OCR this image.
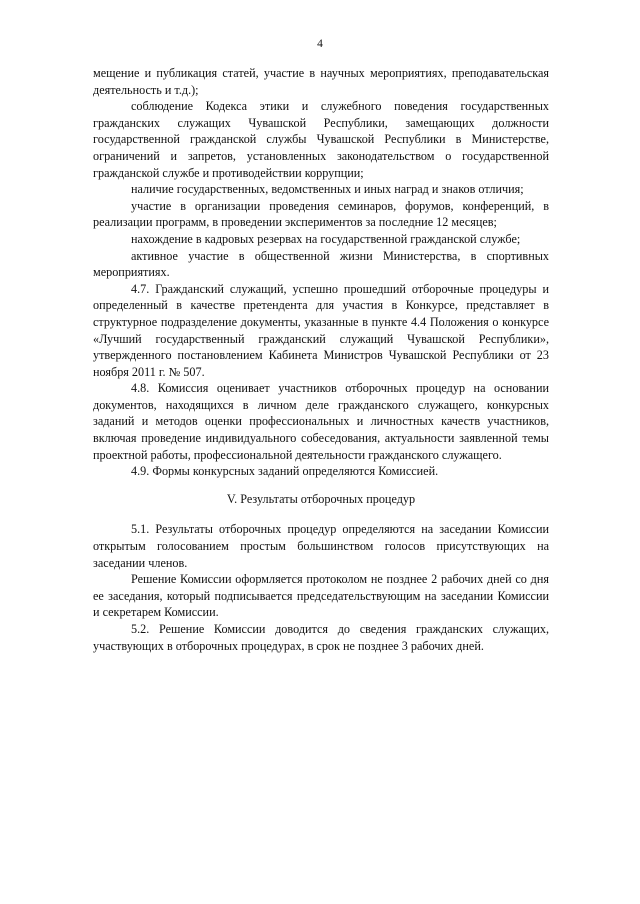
4

мещение и публикация статей, участие в научных мероприятиях, преподавательская деятельность и т.д.);

соблюдение Кодекса этики и служебного поведения государственных гражданских служащих Чувашской Республики, замещающих должности государственной гражданской службы Чувашской Республики в Министерстве, ограничений и запретов, установленных законодательством о государственной гражданской службе и противодействии коррупции;

наличие государственных, ведомственных и иных наград и знаков отличия;

участие в организации проведения семинаров, форумов, конференций, в реализации программ, в проведении экспериментов за последние 12 месяцев;

нахождение в кадровых резервах на государственной гражданской службе;

активное участие в общественной жизни Министерства, в спортивных мероприятиях.

4.7. Гражданский служащий, успешно прошедший отборочные процедуры и определенный в качестве претендента для участия в Конкурсе, представляет в структурное подразделение документы, указанные в пункте 4.4 Положения о конкурсе «Лучший государственный гражданский служащий Чувашской Республики», утвержденного постановлением Кабинета Министров Чувашской Республики от 23 ноября 2011 г. № 507.

4.8. Комиссия оценивает участников отборочных процедур на основании документов, находящихся в личном деле гражданского служащего, конкурсных заданий и методов оценки профессиональных и личностных качеств участников, включая проведение индивидуального собеседования, актуальности заявленной темы проектной работы, профессиональной деятельности гражданского служащего.

4.9. Формы конкурсных заданий определяются Комиссией.

V. Результаты отборочных процедур

5.1. Результаты отборочных процедур определяются на заседании Комиссии открытым голосованием простым большинством голосов присутствующих на заседании членов.

Решение Комиссии оформляется протоколом не позднее 2 рабочих дней со дня ее заседания, который подписывается председательствующим на заседании Комиссии и секретарем Комиссии.

5.2. Решение Комиссии доводится до сведения гражданских служащих, участвующих в отборочных процедурах, в срок не позднее 3 рабочих дней.
